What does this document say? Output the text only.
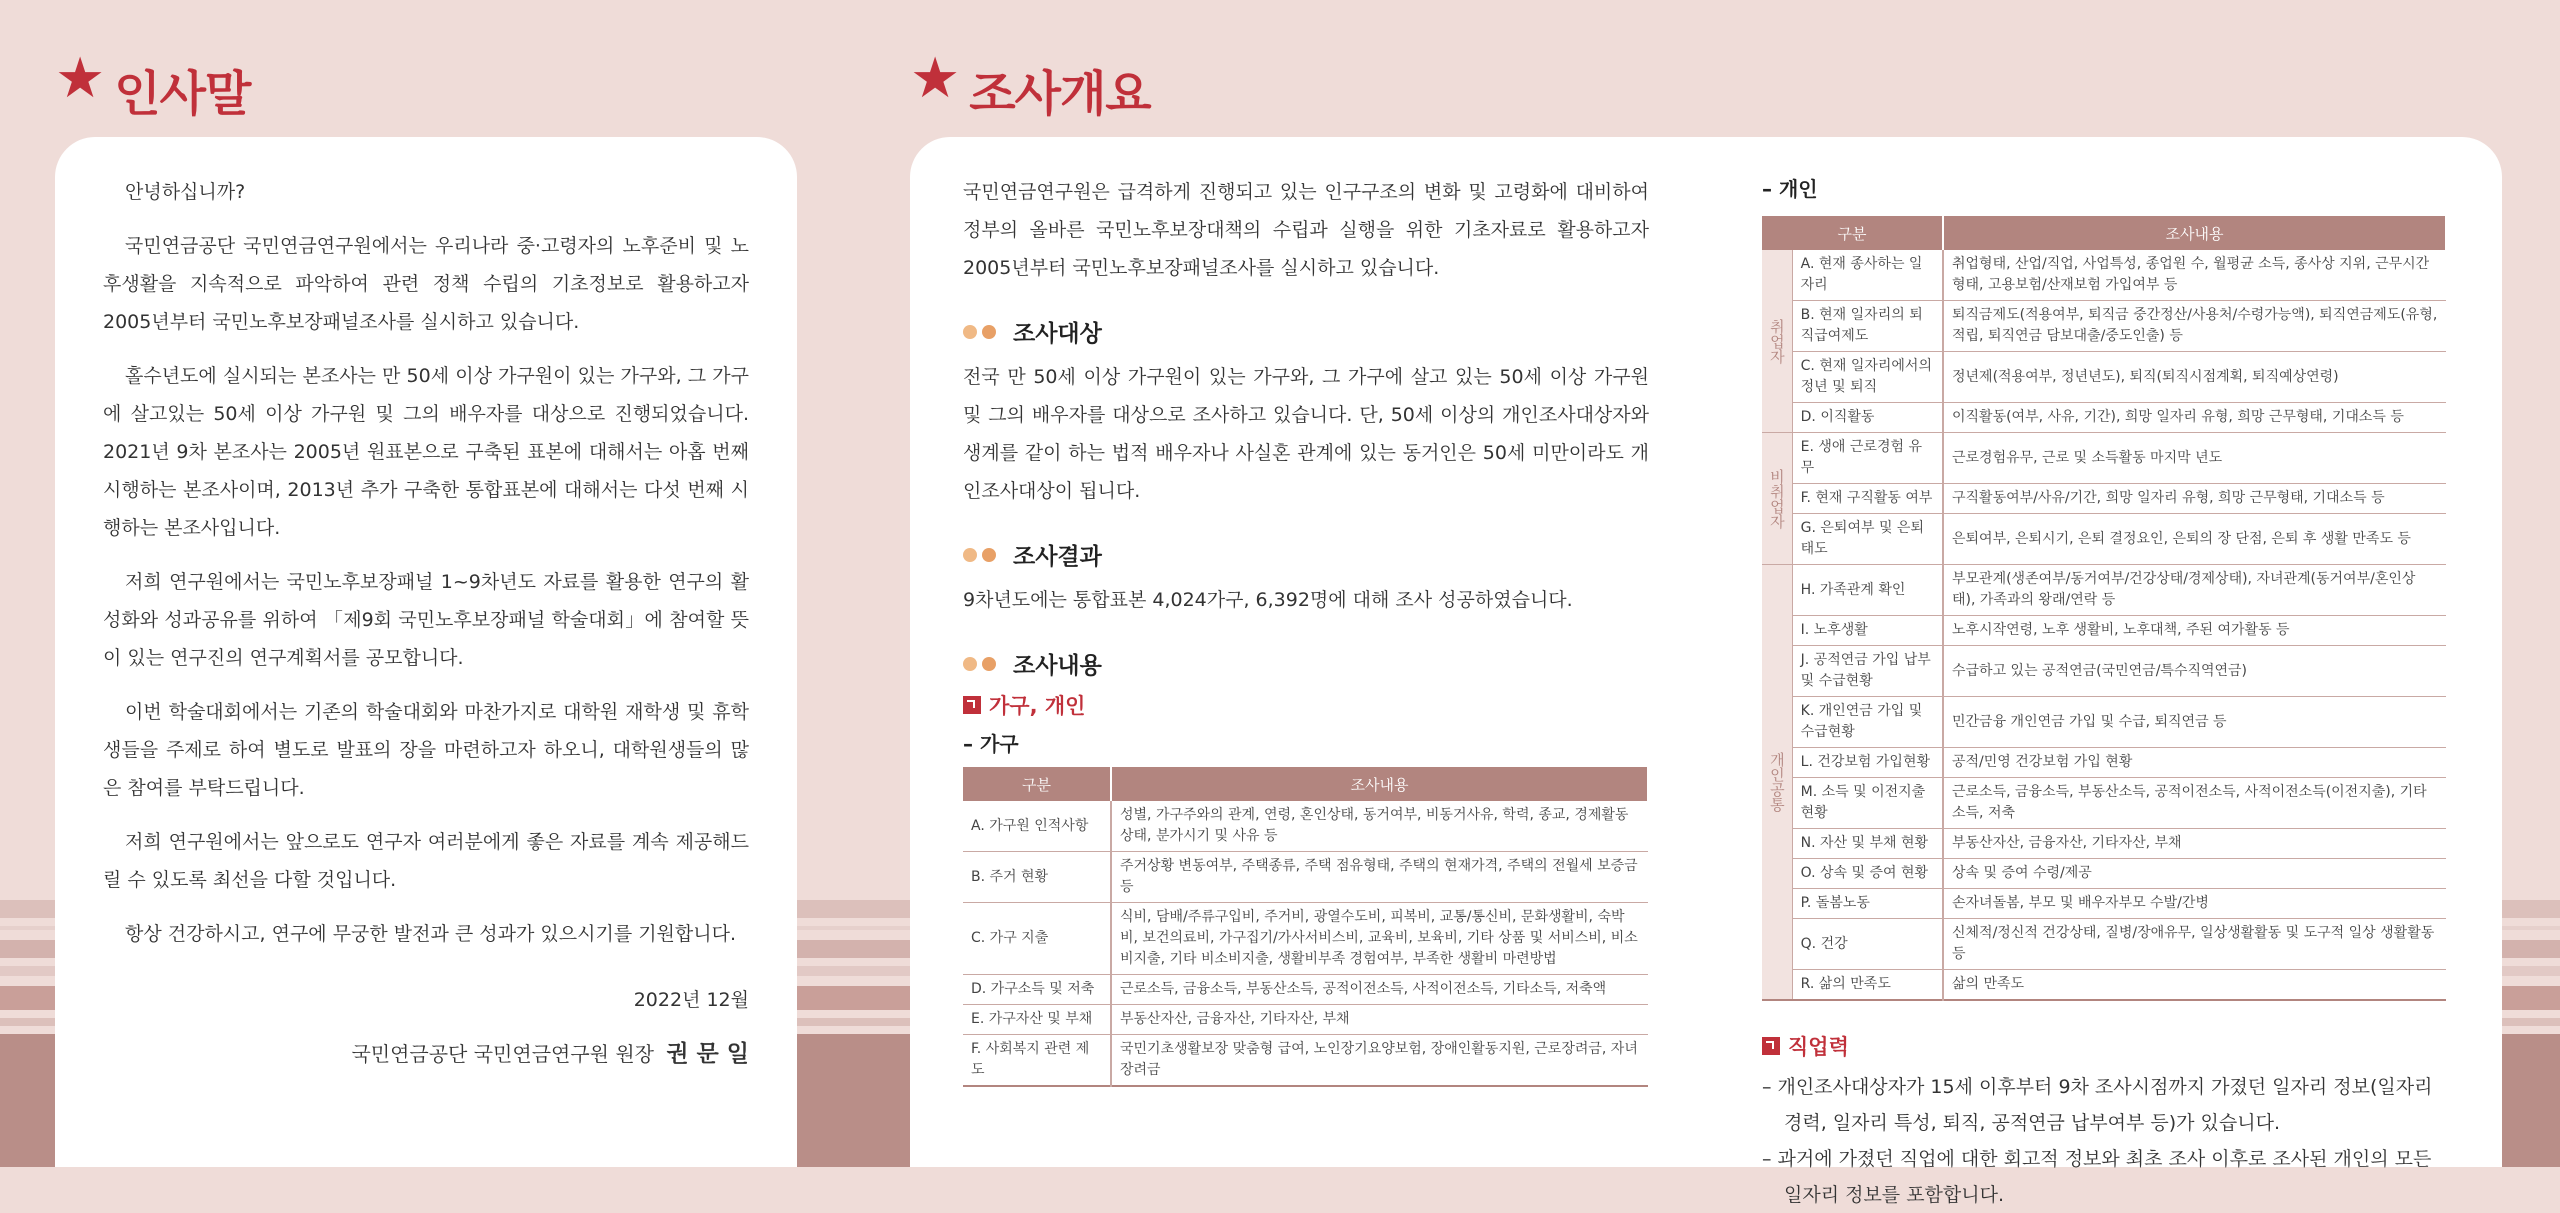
★ 인사말	★ 조사개요

안녕하십니까?

국민연금공단 국민연금연구원에서는 우리나라 중·고령자의 노후준비 및 노후생활을 지속적으로 파악하여 관련 정책 수립의 기초정보로 활용하고자 2005년부터 국민노후보장패널조사를 실시하고 있습니다.

홀수년도에 실시되는 본조사는 만 50세 이상 가구원이 있는 가구와, 그 가구에 살고있는 50세 이상 가구원 및 그의 배우자를 대상으로 진행되었습니다. 2021년 9차 본조사는 2005년 원표본으로 구축된 표본에 대해서는 아홉 번째 시행하는 본조사이며, 2013년 추가 구축한 통합표본에 대해서는 다섯 번째 시행하는 본조사입니다.

저희 연구원에서는 국민노후보장패널 1~9차년도 자료를 활용한 연구의 활성화와 성과공유를 위하여 「제9회 국민노후보장패널 학술대회」에 참여할 뜻이 있는 연구진의 연구계획서를 공모합니다.

이번 학술대회에서는 기존의 학술대회와 마찬가지로 대학원 재학생 및 휴학생들을 주제로 하여 별도로 발표의 장을 마련하고자 하오니, 대학원생들의 많은 참여를 부탁드립니다.

저희 연구원에서는 앞으로도 연구자 여러분에게 좋은 자료를 계속 제공해드릴 수 있도록 최선을 다할 것입니다.

항상 건강하시고, 연구에 무궁한 발전과 큰 성과가 있으시기를 기원합니다.

2022년 12월

국민연금공단 국민연금연구원 원장 권 문 일

국민연금연구원은 급격하게 진행되고 있는 인구구조의 변화 및 고령화에 대비하여 정부의 올바른 국민노후보장대책의 수립과 실행을 위한 기초자료로 활용하고자 2005년부터 국민노후보장패널조사를 실시하고 있습니다.

조사대상

전국 만 50세 이상 가구원이 있는 가구와, 그 가구에 살고 있는 50세 이상 가구원 및 그의 배우자를 대상으로 조사하고 있습니다. 단, 50세 이상의 개인조사대상자와 생계를 같이 하는 법적 배우자나 사실혼 관계에 있는 동거인은 50세 미만이라도 개인조사대상이 됩니다.

조사결과

9차년도에는 통합표본 4,024가구, 6,392명에 대해 조사 성공하였습니다.

조사내용
가구, 개인
– 가구
구분	조사내용
A. 가구원 인적사항	성별, 가구주와의 관계, 연령, 혼인상태, 동거여부, 비동거사유, 학력, 종교, 경제활동상태, 분가시기 및 사유 등
B. 주거 현황	주거상황 변동여부, 주택종류, 주택 점유형태, 주택의 현재가격, 주택의 전월세 보증금 등
C. 가구 지출	식비, 담배/주류구입비, 주거비, 광열수도비, 피복비, 교통/통신비, 문화생활비, 숙박비, 보건의료비, 가구집기/가사서비스비, 교육비, 보육비, 기타 상품 및 서비스비, 비소비지출, 기타 비소비지출, 생활비부족 경험여부, 부족한 생활비 마련방법
D. 가구소득 및 저축	근로소득, 금융소득, 부동산소득, 공적이전소득, 사적이전소득, 기타소득, 저축액
E. 가구자산 및 부채	부동산자산, 금융자산, 기타자산, 부채
F. 사회복지 관련 제도	국민기초생활보장 맞춤형 급여, 노인장기요양보험, 장애인활동지원, 근로장려금, 자녀장려금
– 개인
구분		조사내용
취업자	A. 현재 종사하는 일자리	취업형태, 산업/직업, 사업특성, 종업원 수, 월평균 소득, 종사상 지위, 근무시간 형태, 고용보험/산재보험 가입여부 등
	B. 현재 일자리의 퇴직급여제도	퇴직금제도(적용여부, 퇴직금 중간정산/사용처/수령가능액), 퇴직연금제도(유형, 적립, 퇴직연금 담보대출/중도인출) 등
	C. 현재 일자리에서의 정년 및 퇴직	정년제(적용여부, 정년년도), 퇴직(퇴직시점계획, 퇴직예상연령)
	D. 이직활동	이직활동(여부, 사유, 기간), 희망 일자리 유형, 희망 근무형태, 기대소득 등
비취업자	E. 생애 근로경험 유무	근로경험유무, 근로 및 소득활동 마지막 년도
	F. 현재 구직활동 여부	구직활동여부/사유/기간, 희망 일자리 유형, 희망 근무형태, 기대소득 등
	G. 은퇴여부 및 은퇴태도	은퇴여부, 은퇴시기, 은퇴 결정요인, 은퇴의 장 단점, 은퇴 후 생활 만족도 등
개인공통	H. 가족관계 확인	부모관계(생존여부/동거여부/건강상태/경제상태), 자녀관계(동거여부/혼인상태), 가족과의 왕래/연락 등
	I. 노후생활	노후시작연령, 노후 생활비, 노후대책, 주된 여가활동 등
	J. 공적연금 가입 납부 및 수급현황	수급하고 있는 공적연금(국민연금/특수직역연금)
	K. 개인연금 가입 및 수급현황	민간금융 개인연금 가입 및 수급, 퇴직연금 등
	L. 건강보험 가입현황	공적/민영 건강보험 가입 현황
	M. 소득 및 이전지출 현황	근로소득, 금융소득, 부동산소득, 공적이전소득, 사적이전소득(이전지출), 기타소득, 저축
	N. 자산 및 부채 현황	부동산자산, 금융자산, 기타자산, 부채
	O. 상속 및 증여 현황	상속 및 증여 수령/제공
	P. 돌봄노동	손자녀돌봄, 부모 및 배우자부모 수발/간병
	Q. 건강	신체적/정신적 건강상태, 질병/장애유무, 일상생활활동 및 도구적 일상 생활활동 등
	R. 삶의 만족도	삶의 만족도
직업력

– 개인조사대상자가 15세 이후부터 9차 조사시점까지 가졌던 일자리 정보(일자리 경력, 일자리 특성, 퇴직, 공적연금 납부여부 등)가 있습니다.

– 과거에 가졌던 직업에 대한 회고적 정보와 최초 조사 이후로 조사된 개인의 모든 일자리 정보를 포함합니다.
